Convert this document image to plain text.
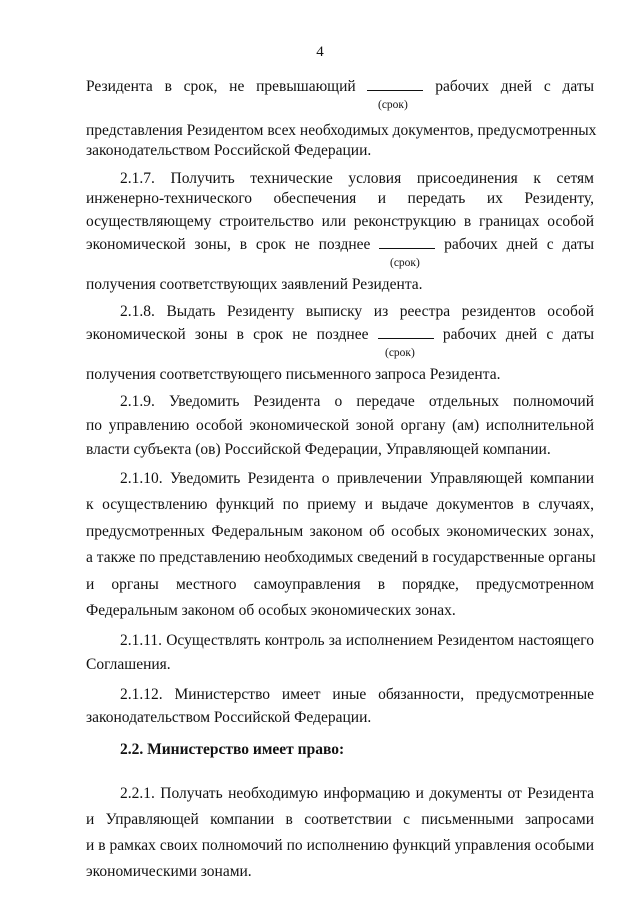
4
Резидента в срок, не превышающий	рабочих дней с даты
(срок)
представления Резидентом всех необходимых документов, предусмотренных
законодательством Российской Федерации.
2.1.7. Получить технические условия присоединения к сетям
инженерно-технического обеспечения и передать их Резиденту,
осуществляющему строительство или реконструкцию в границах особой
экономической зоны, в срок не позднее	рабочих дней с даты
(срок)
получения соответствующих заявлений Резидента.
2.1.8. Выдать Резиденту выписку из реестра резидентов особой
экономической зоны в срок не позднее	рабочих дней с даты
(срок)
получения соответствующего письменного запроса Резидента.
2.1.9. Уведомить Резидента о передаче отдельных полномочий
по управлению особой экономической зоной органу (ам) исполнительной
власти субъекта (ов) Российской Федерации, Управляющей компании.
2.1.10. Уведомить Резидента о привлечении Управляющей компании
к осуществлению функций по приему и выдаче документов в случаях,
предусмотренных Федеральным законом об особых экономических зонах,
а также по представлению необходимых сведений в государственные органы
и органы местного самоуправления в порядке, предусмотренном
Федеральным законом об особых экономических зонах.
2.1.11. Осуществлять контроль за исполнением Резидентом настоящего
Соглашения.
2.1.12. Министерство имеет иные обязанности, предусмотренные
законодательством Российской Федерации.
2.2. Министерство имеет право:
2.2.1. Получать необходимую информацию и документы от Резидента
и Управляющей компании в соответствии с письменными запросами
и в рамках своих полномочий по исполнению функций управления особыми
экономическими зонами.
